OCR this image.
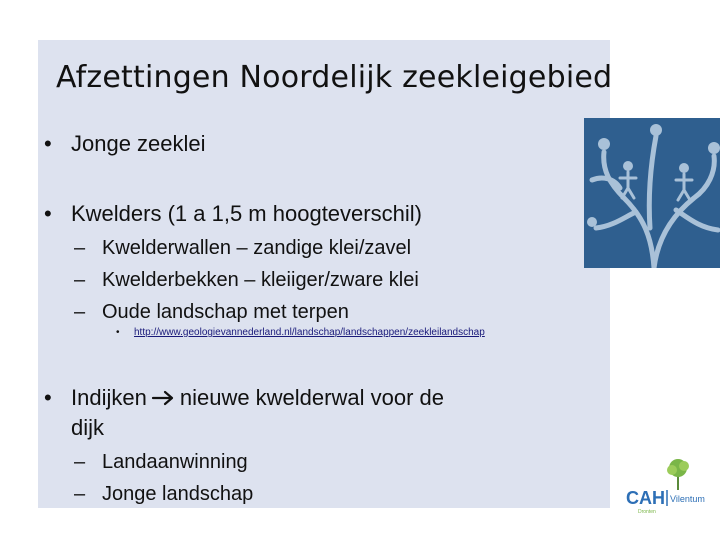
Afzettingen Noordelijk zeekleigebied
• Jonge zeeklei
• Kwelders (1 a 1,5 m hoogteverschil)
– Kwelderwallen – zandige klei/zavel
– Kwelderbekken – kleiiger/zware klei
– Oude landschap met terpen
• http://www.geologievannederland.nl/landschap/landschappen/zeekleilandschap
• Indijken nieuwe kwelderwal voor de
dijk
– Landaanwinning
– Jonge landschap	CAH Vilentum
Dronten
